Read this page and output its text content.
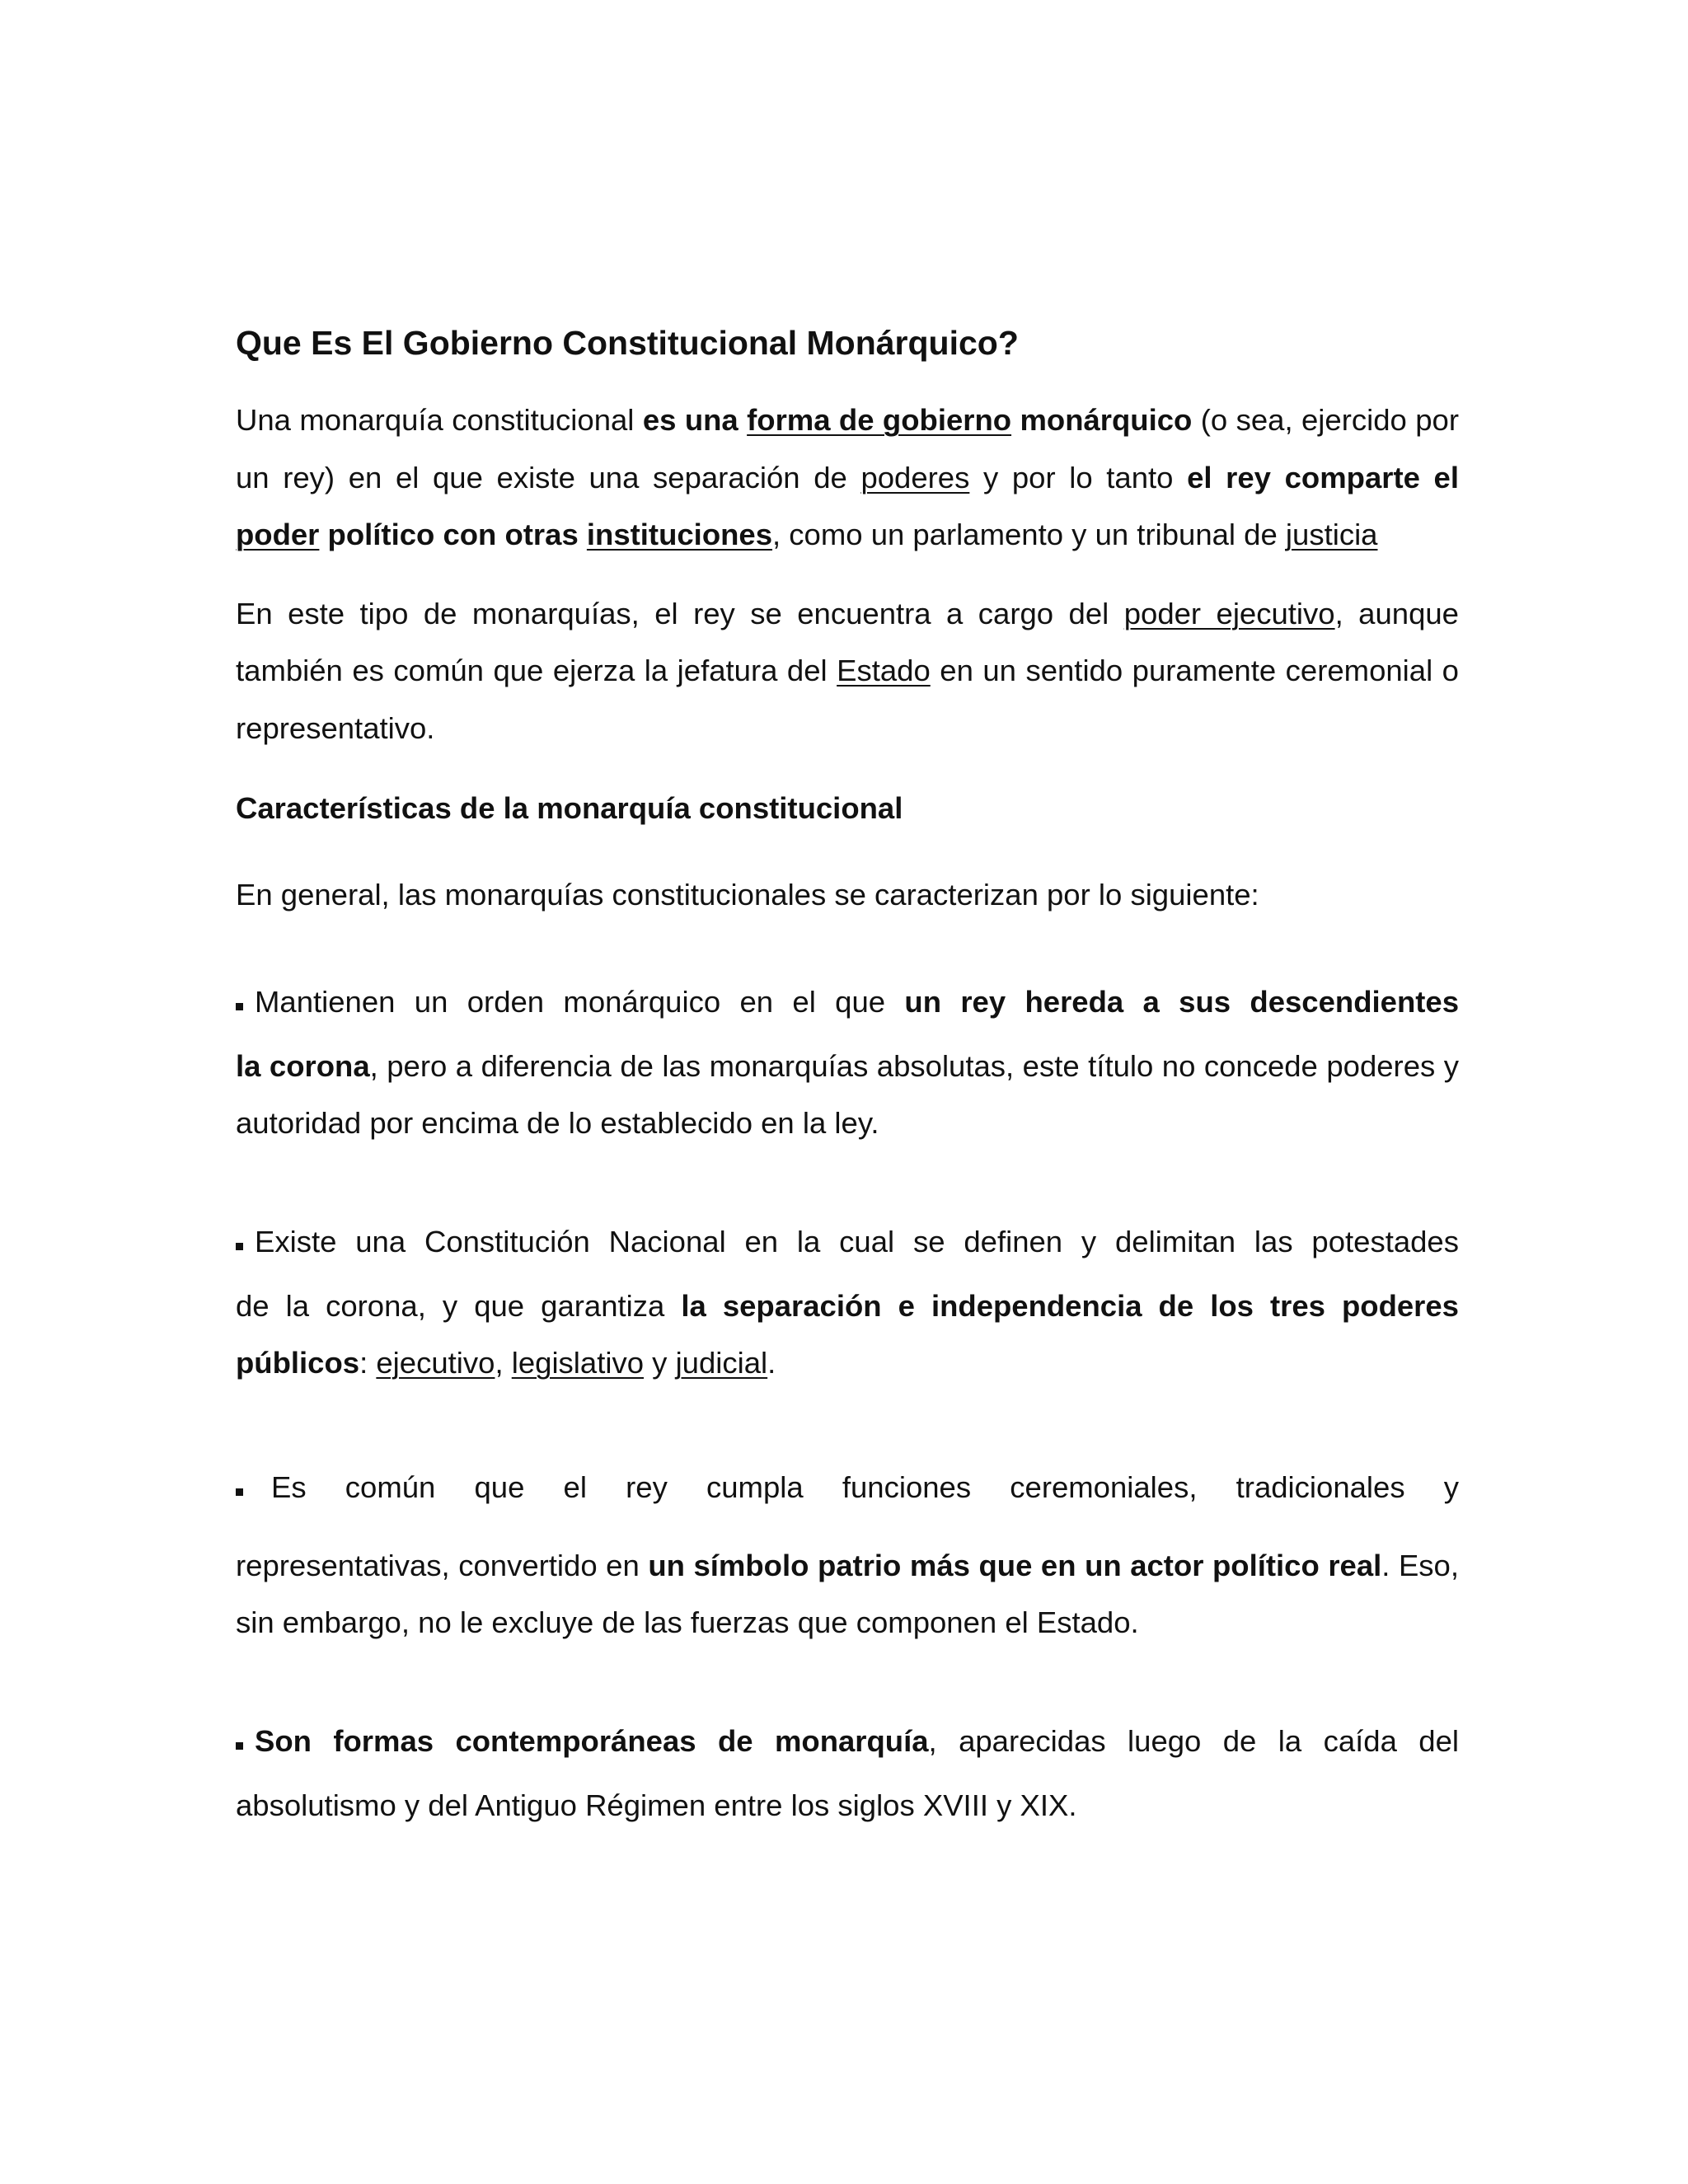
Que Es El Gobierno Constitucional Monárquico?

Una monarquía constitucional es una forma de gobierno monárquico (o sea, ejercido por un rey) en el que existe una separación de poderes y por lo tanto el rey comparte el poder político con otras instituciones, como un parlamento y un tribunal de justicia

En este tipo de monarquías, el rey se encuentra a cargo del poder ejecutivo, aunque también es común que ejerza la jefatura del Estado en un sentido puramente ceremonial o representativo.

Características de la monarquía constitucional

En general, las monarquías constitucionales se caracterizan por lo siguiente:

Mantienen un orden monárquico en el que un rey hereda a sus descendientes
la corona, pero a diferencia de las monarquías absolutas, este título no concede poderes y autoridad por encima de lo establecido en la ley.
Existe una Constitución Nacional en la cual se definen y delimitan las potestades
de la corona, y que garantiza la separación e independencia de los tres poderes públicos: ejecutivo, legislativo y judicial.
Es común que el rey cumpla funciones ceremoniales, tradicionales y
representativas, convertido en un símbolo patrio más que en un actor político real. Eso, sin embargo, no le excluye de las fuerzas que componen el Estado.
Son formas contemporáneas de monarquía, aparecidas luego de la caída del
absolutismo y del Antiguo Régimen entre los siglos XVIII y XIX.
